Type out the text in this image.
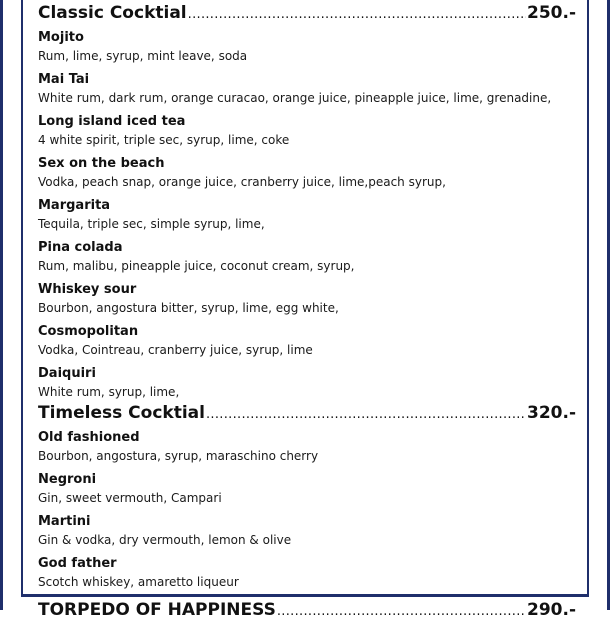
Classic Cocktial .....	250.-
Mojito
Rum, lime, syrup, mint leave, soda
Mai Tai
White rum, dark rum, orange curacao, orange juice, pineapple juice, lime, grenadine,
Long island iced tea
4 white spirit, triple sec, syrup, lime, coke
Sex on the beach
Vodka, peach snap, orange juice, cranberry juice, lime,peach syrup,
Margarita
Tequila, triple sec, simple syrup, lime,
Pina colada
Rum, malibu, pineapple juice, coconut cream, syrup,
Whiskey sour
Bourbon, angostura bitter, syrup, lime, egg white,
Cosmopolitan
Vodka, Cointreau, cranberry juice, syrup, lime
Daiquiri
White rum, syrup, lime,
Timeless Cocktial .....	320.-
Old fashioned
Bourbon, angostura, syrup, maraschino cherry
Negroni
Gin, sweet vermouth, Campari
Martini
Gin & vodka, dry vermouth, lemon & olive
God father
Scotch whiskey, amaretto liqueur
TORPEDO OF HAPPINESS .....	290.-
